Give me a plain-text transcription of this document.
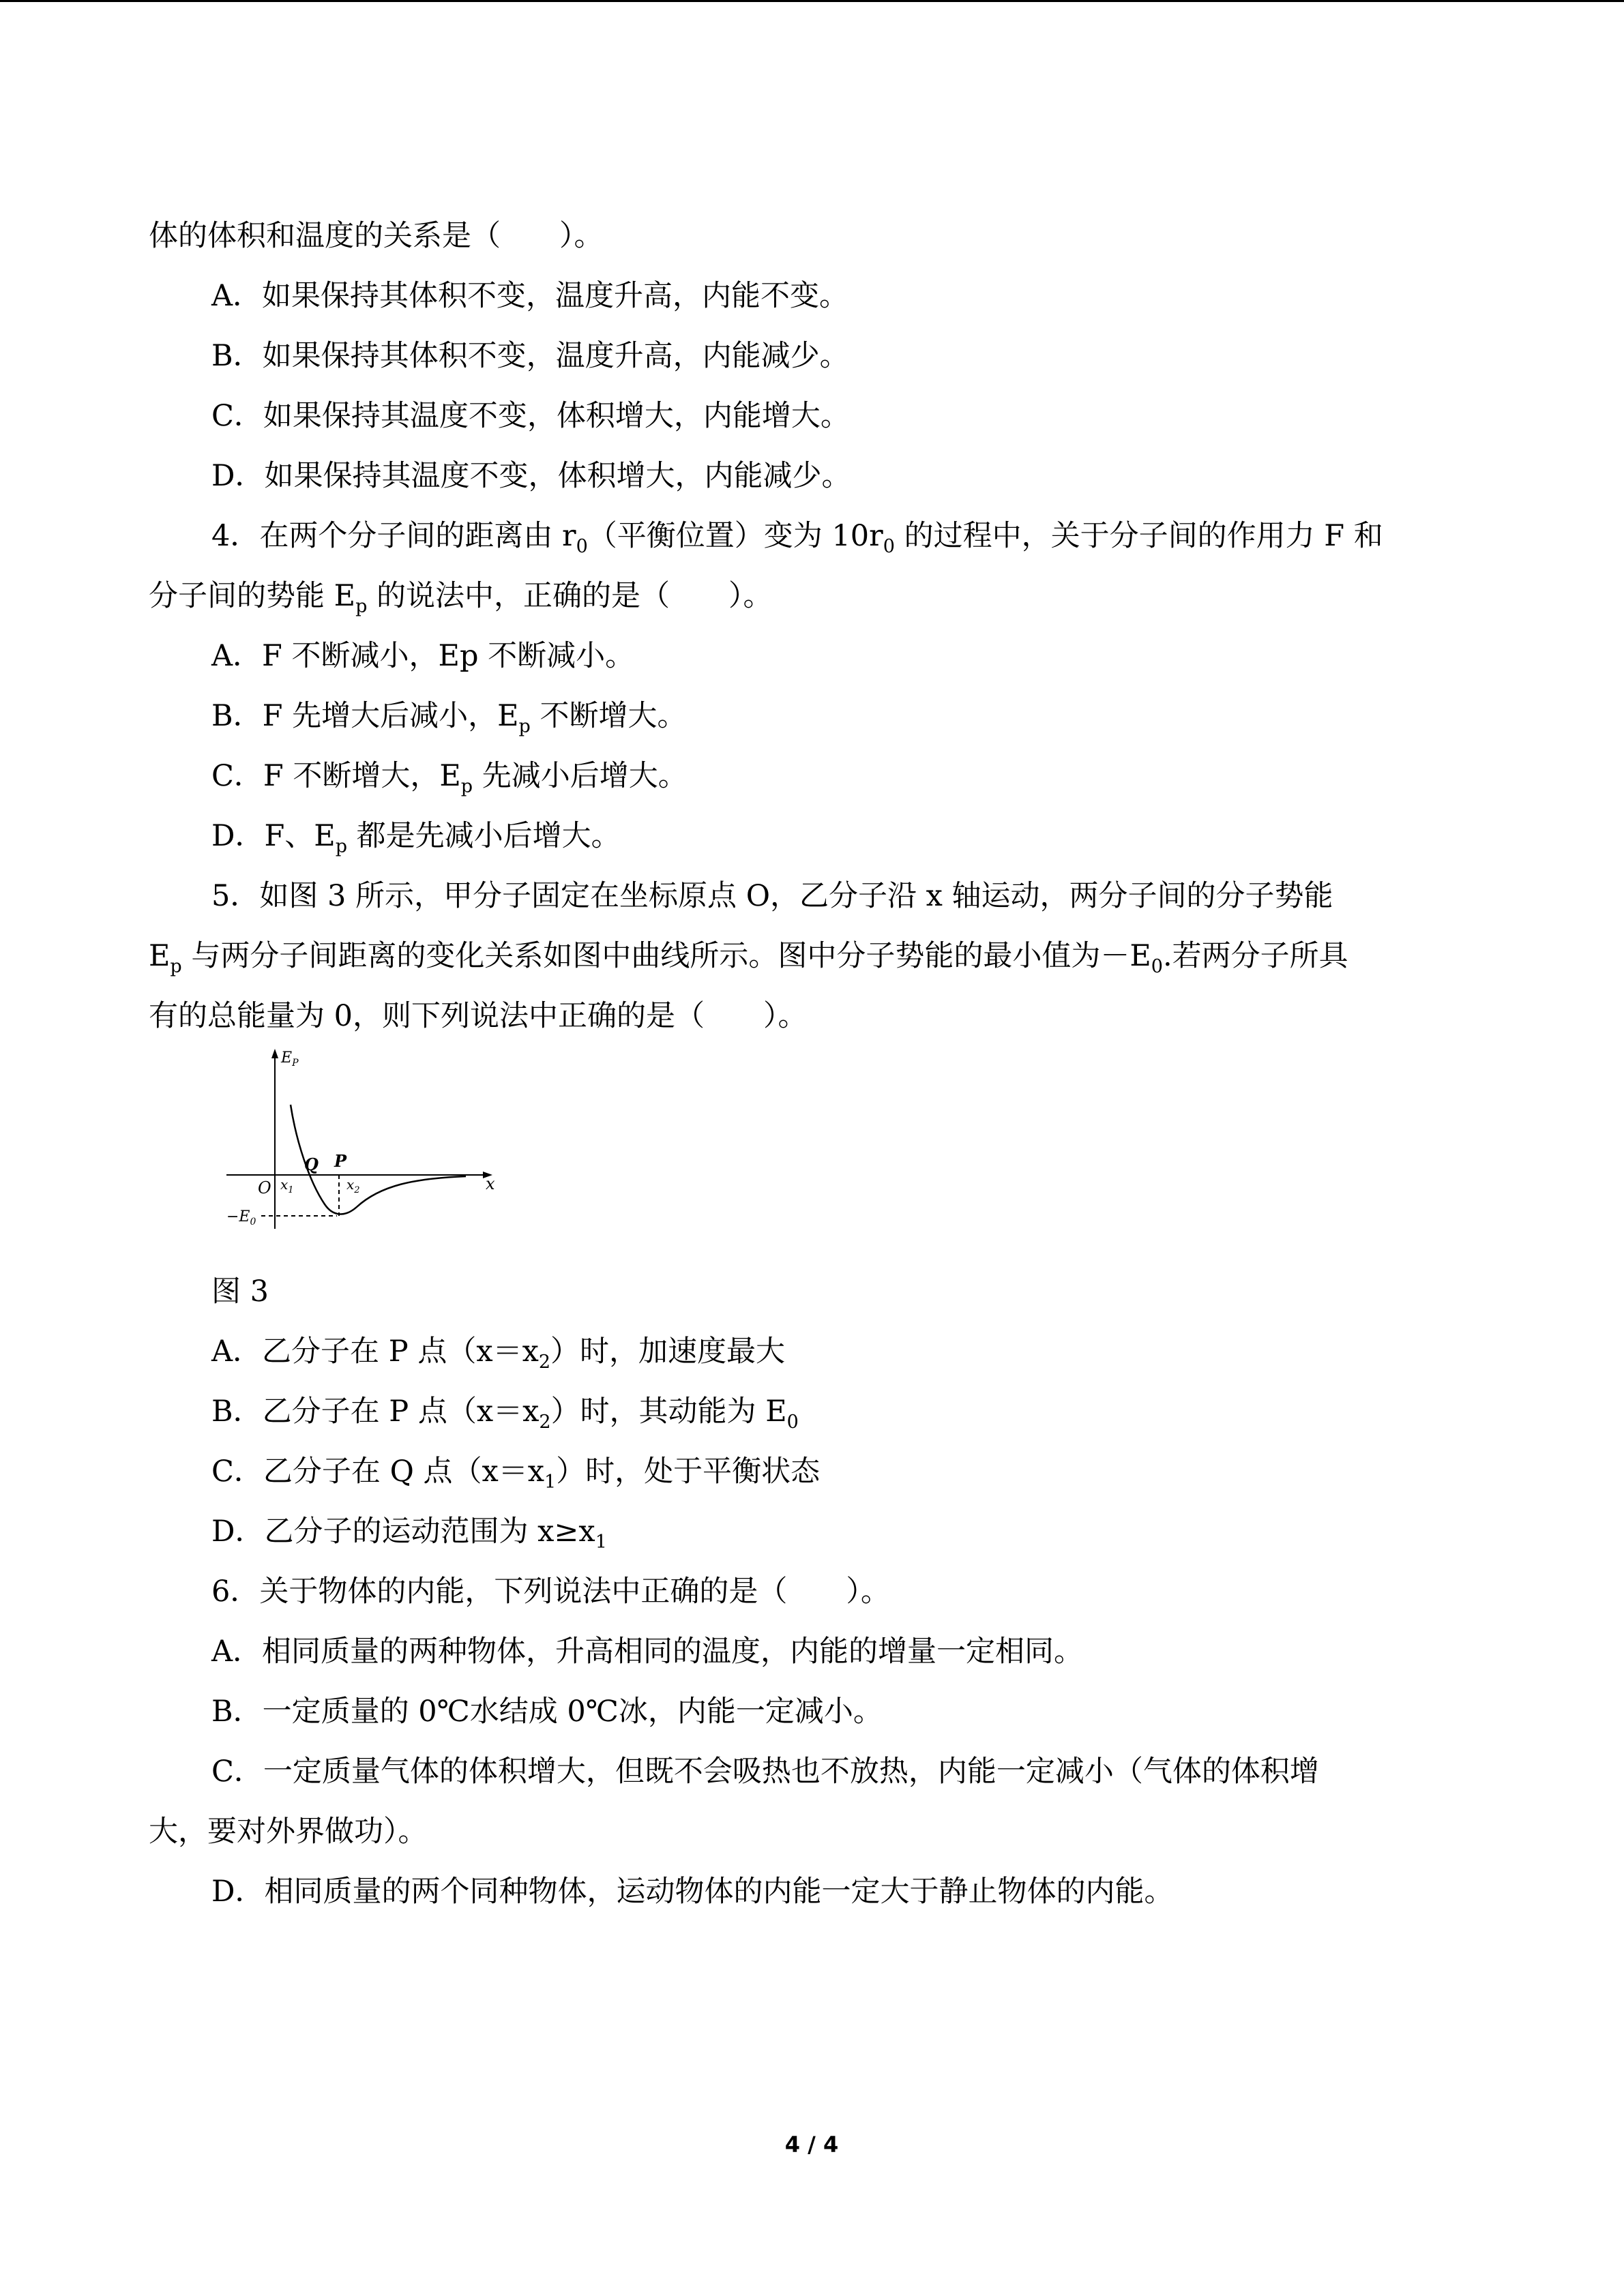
体的体积和温度的关系是（　　）。
A．如果保持其体积不变，温度升高，内能不变。
B．如果保持其体积不变，温度升高，内能减少。
C．如果保持其温度不变，体积增大，内能增大。
D．如果保持其温度不变，体积增大，内能减少。
4．在两个分子间的距离由 $r_0$（平衡位置）变为 $10r_0$ 的过程中，关于分子间的作用力 F 和
分子间的势能 $E_p$ 的说法中，正确的是（　　）。
A．F 不断减小，Ep 不断减小。
B．F 先增大后减小，$E_p$ 不断增大。
C．F 不断增大，$E_p$ 先减小后增大。
D．F、$E_p$ 都是先减小后增大。
5．如图 3 所示，甲分子固定在坐标原点 O，乙分子沿 x 轴运动，两分子间的分子势能
$E_p$ 与两分子间距离的变化关系如图中曲线所示。图中分子势能的最小值为$-E_0$.若两分子所具
有的总能量为 0，则下列说法中正确的是（　　）。
$E_P$
O $x_1$	$x_2$
Q P
x
$-E_0$
图 3
A．乙分子在 P 点$(x=x_2)$时，加速度最大
B．乙分子在 P 点$(x=x_2)$时，其动能为 $E_0$
C．乙分子在 Q 点$(x=x_1)$时，处于平衡状态
D．乙分子的运动范围为 $x\ge x_1$
6．关于物体的内能，下列说法中正确的是（　　）。
A．相同质量的两种物体，升高相同的温度，内能的增量一定相同。
B．一定质量的 0℃水结成 0℃冰，内能一定减小。
C．一定质量气体的体积增大，但既不会吸热也不放热，内能一定减小（气体的体积增
大，要对外界做功）。
D．相同质量的两个同种物体，运动物体的内能一定大于静止物体的内能。
4 / 4
